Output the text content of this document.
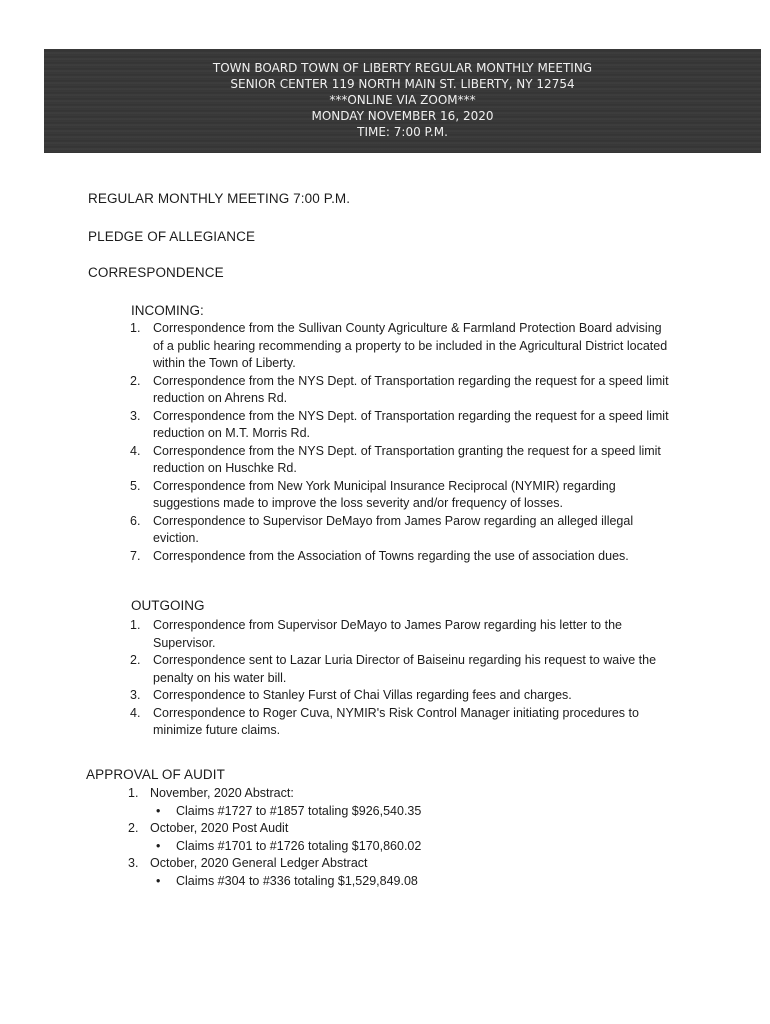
TOWN BOARD TOWN OF LIBERTY REGULAR MONTHLY MEETING
SENIOR CENTER 119 NORTH MAIN ST. LIBERTY, NY 12754
***ONLINE VIA ZOOM***
MONDAY NOVEMBER 16, 2020
TIME: 7:00 P.M.
REGULAR MONTHLY MEETING 7:00 P.M.
PLEDGE OF ALLEGIANCE
CORRESPONDENCE
INCOMING:
1. Correspondence from the Sullivan County Agriculture & Farmland Protection Board advising of a public hearing recommending a property to be included in the Agricultural District located within the Town of Liberty.
2. Correspondence from the NYS Dept. of Transportation regarding the request for a speed limit reduction on Ahrens Rd.
3. Correspondence from the NYS Dept. of Transportation regarding the request for a speed limit reduction on M.T. Morris Rd.
4. Correspondence from the NYS Dept. of Transportation granting the request for a speed limit reduction on Huschke Rd.
5. Correspondence from New York Municipal Insurance Reciprocal (NYMIR) regarding suggestions made to improve the loss severity and/or frequency of losses.
6. Correspondence to Supervisor DeMayo from James Parow regarding an alleged illegal eviction.
7. Correspondence from the Association of Towns regarding the use of association dues.
OUTGOING
1. Correspondence from Supervisor DeMayo to James Parow regarding his letter to the Supervisor.
2. Correspondence sent to Lazar Luria Director of Baiseinu regarding his request to waive the penalty on his water bill.
3. Correspondence to Stanley Furst of Chai Villas regarding fees and charges.
4. Correspondence to Roger Cuva, NYMIR's Risk Control Manager initiating procedures to minimize future claims.
APPROVAL OF AUDIT
1. November, 2020 Abstract:
• Claims #1727 to #1857 totaling $926,540.35
2. October, 2020 Post Audit
• Claims #1701 to #1726 totaling $170,860.02
3. October, 2020 General Ledger Abstract
• Claims #304 to #336 totaling $1,529,849.08
